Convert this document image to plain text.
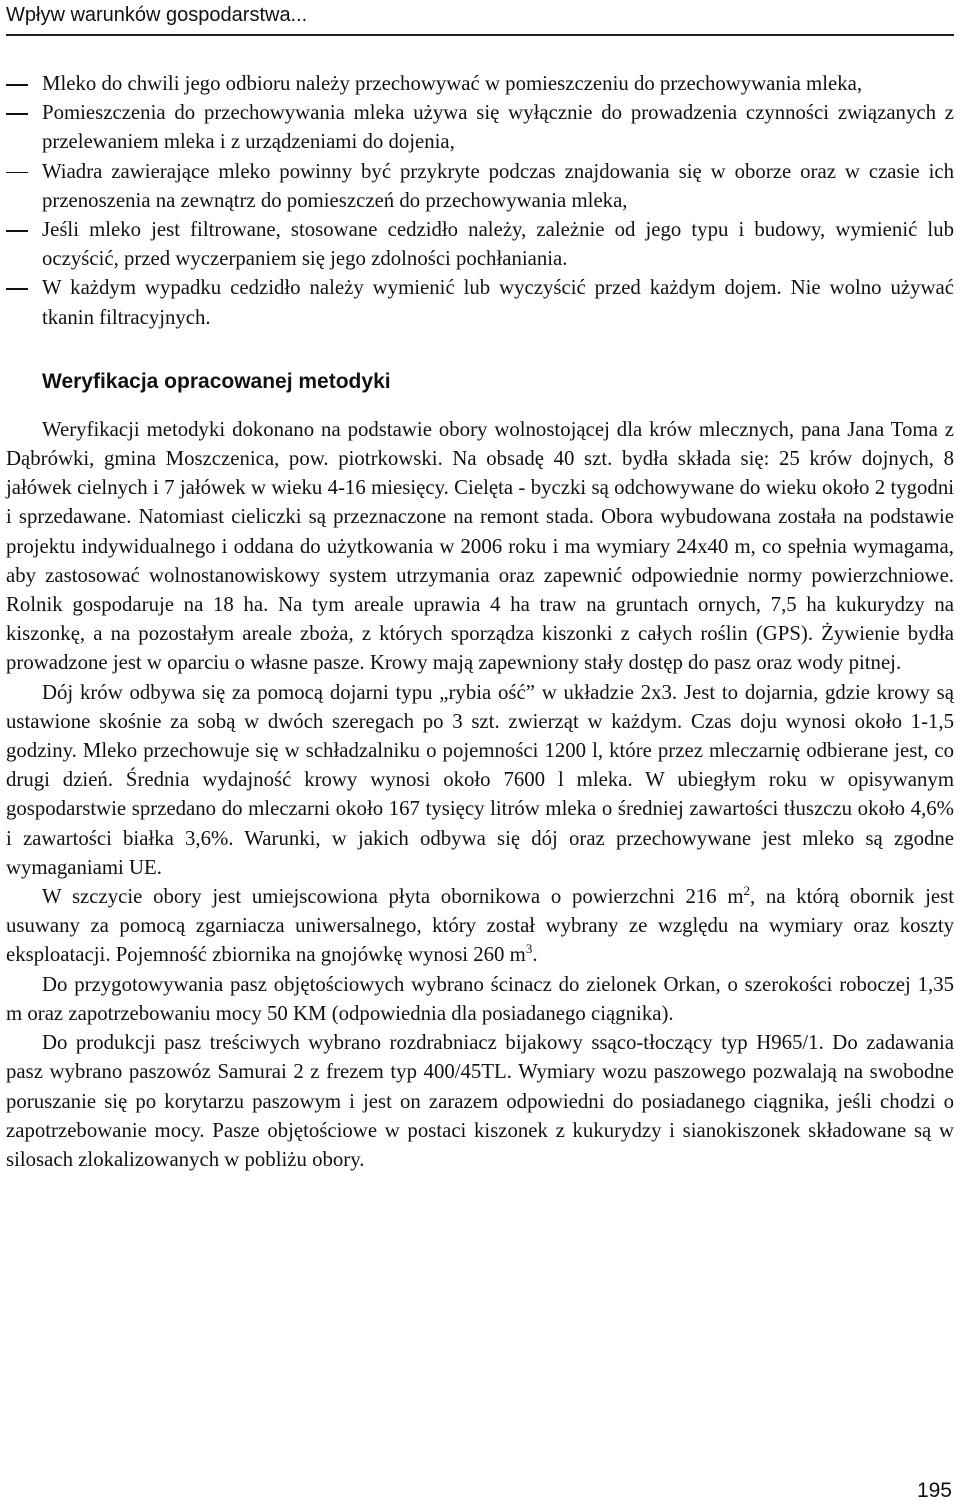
Wpływ warunków gospodarstwa...
Mleko do chwili jego odbioru należy przechowywać w pomieszczeniu do przechowywania mleka,
Pomieszczenia do przechowywania mleka używa się wyłącznie do prowadzenia czynności związanych z przelewaniem mleka i z urządzeniami do dojenia,
Wiadra zawierające mleko powinny być przykryte podczas znajdowania się w oborze oraz w czasie ich przenoszenia na zewnątrz do pomieszczeń do przechowywania mleka,
Jeśli mleko jest filtrowane, stosowane cedzidło należy, zależnie od jego typu i budowy, wymienić lub oczyścić, przed wyczerpaniem się jego zdolności pochłaniania.
W każdym wypadku cedzidło należy wymienić lub wyczyścić przed każdym dojem. Nie wolno używać tkanin filtracyjnych.
Weryfikacja opracowanej metodyki

Weryfikacji metodyki dokonano na podstawie obory wolnostojącej dla krów mlecznych, pana Jana Toma z Dąbrówki, gmina Moszczenica, pow. piotrkowski. Na obsadę 40 szt. bydła składa się: 25 krów dojnych, 8 jałówek cielnych i 7 jałówek w wieku 4-16 miesięcy. Cielęta - byczki są odchowywane do wieku około 2 tygodni i sprzedawane. Natomiast cieliczki są przeznaczone na remont stada. Obora wybudowana została na podstawie projektu indywidualnego i oddana do użytkowania w 2006 roku i ma wymiary 24x40 m, co spełnia wymagama, aby zastosować wolnostanowiskowy system utrzymania oraz zapewnić odpowiednie normy powierzchniowe. Rolnik gospodaruje na 18 ha. Na tym areale uprawia 4 ha traw na gruntach ornych, 7,5 ha kukurydzy na kiszonkę, a na pozostałym areale zboża, z których sporządza kiszonki z całych roślin (GPS). Żywienie bydła prowadzone jest w oparciu o własne pasze. Krowy mają zapewniony stały dostęp do pasz oraz wody pitnej.

Dój krów odbywa się za pomocą dojarni typu „rybia ość” w układzie 2x3. Jest to dojarnia, gdzie krowy są ustawione skośnie za sobą w dwóch szeregach po 3 szt. zwierząt w każdym. Czas doju wynosi około 1-1,5 godziny. Mleko przechowuje się w schładzalniku o pojemności 1200 l, które przez mleczarnię odbierane jest, co drugi dzień. Średnia wydajność krowy wynosi około 7600 l mleka. W ubiegłym roku w opisywanym gospodarstwie sprzedano do mleczarni około 167 tysięcy litrów mleka o średniej zawartości tłuszczu około 4,6% i zawartości białka 3,6%. Warunki, w jakich odbywa się dój oraz przechowywane jest mleko są zgodne wymaganiami UE.

W szczycie obory jest umiejscowiona płyta obornikowa o powierzchni 216 $m^2$, na którą obornik jest usuwany za pomocą zgarniacza uniwersalnego, który został wybrany ze względu na wymiary oraz koszty eksploatacji. Pojemność zbiornika na gnojówkę wynosi 260 $m^3$.

Do przygotowywania pasz objętościowych wybrano ścinacz do zielonek Orkan, o szerokości roboczej 1,35 m oraz zapotrzebowaniu mocy 50 KM (odpowiednia dla posiadanego ciągnika).

Do produkcji pasz treściwych wybrano rozdrabniacz bijakowy ssąco-tłoczący typ H965/1. Do zadawania pasz wybrano paszowóz Samurai 2 z frezem typ 400/45TL. Wymiary wozu paszowego pozwalają na swobodne poruszanie się po korytarzu paszowym i jest on zarazem odpowiedni do posiadanego ciągnika, jeśli chodzi o zapotrzebowanie mocy. Pasze objętościowe w postaci kiszonek z kukurydzy i sianokiszonek składowane są w silosach zlokalizowanych w pobliżu obory.

195
